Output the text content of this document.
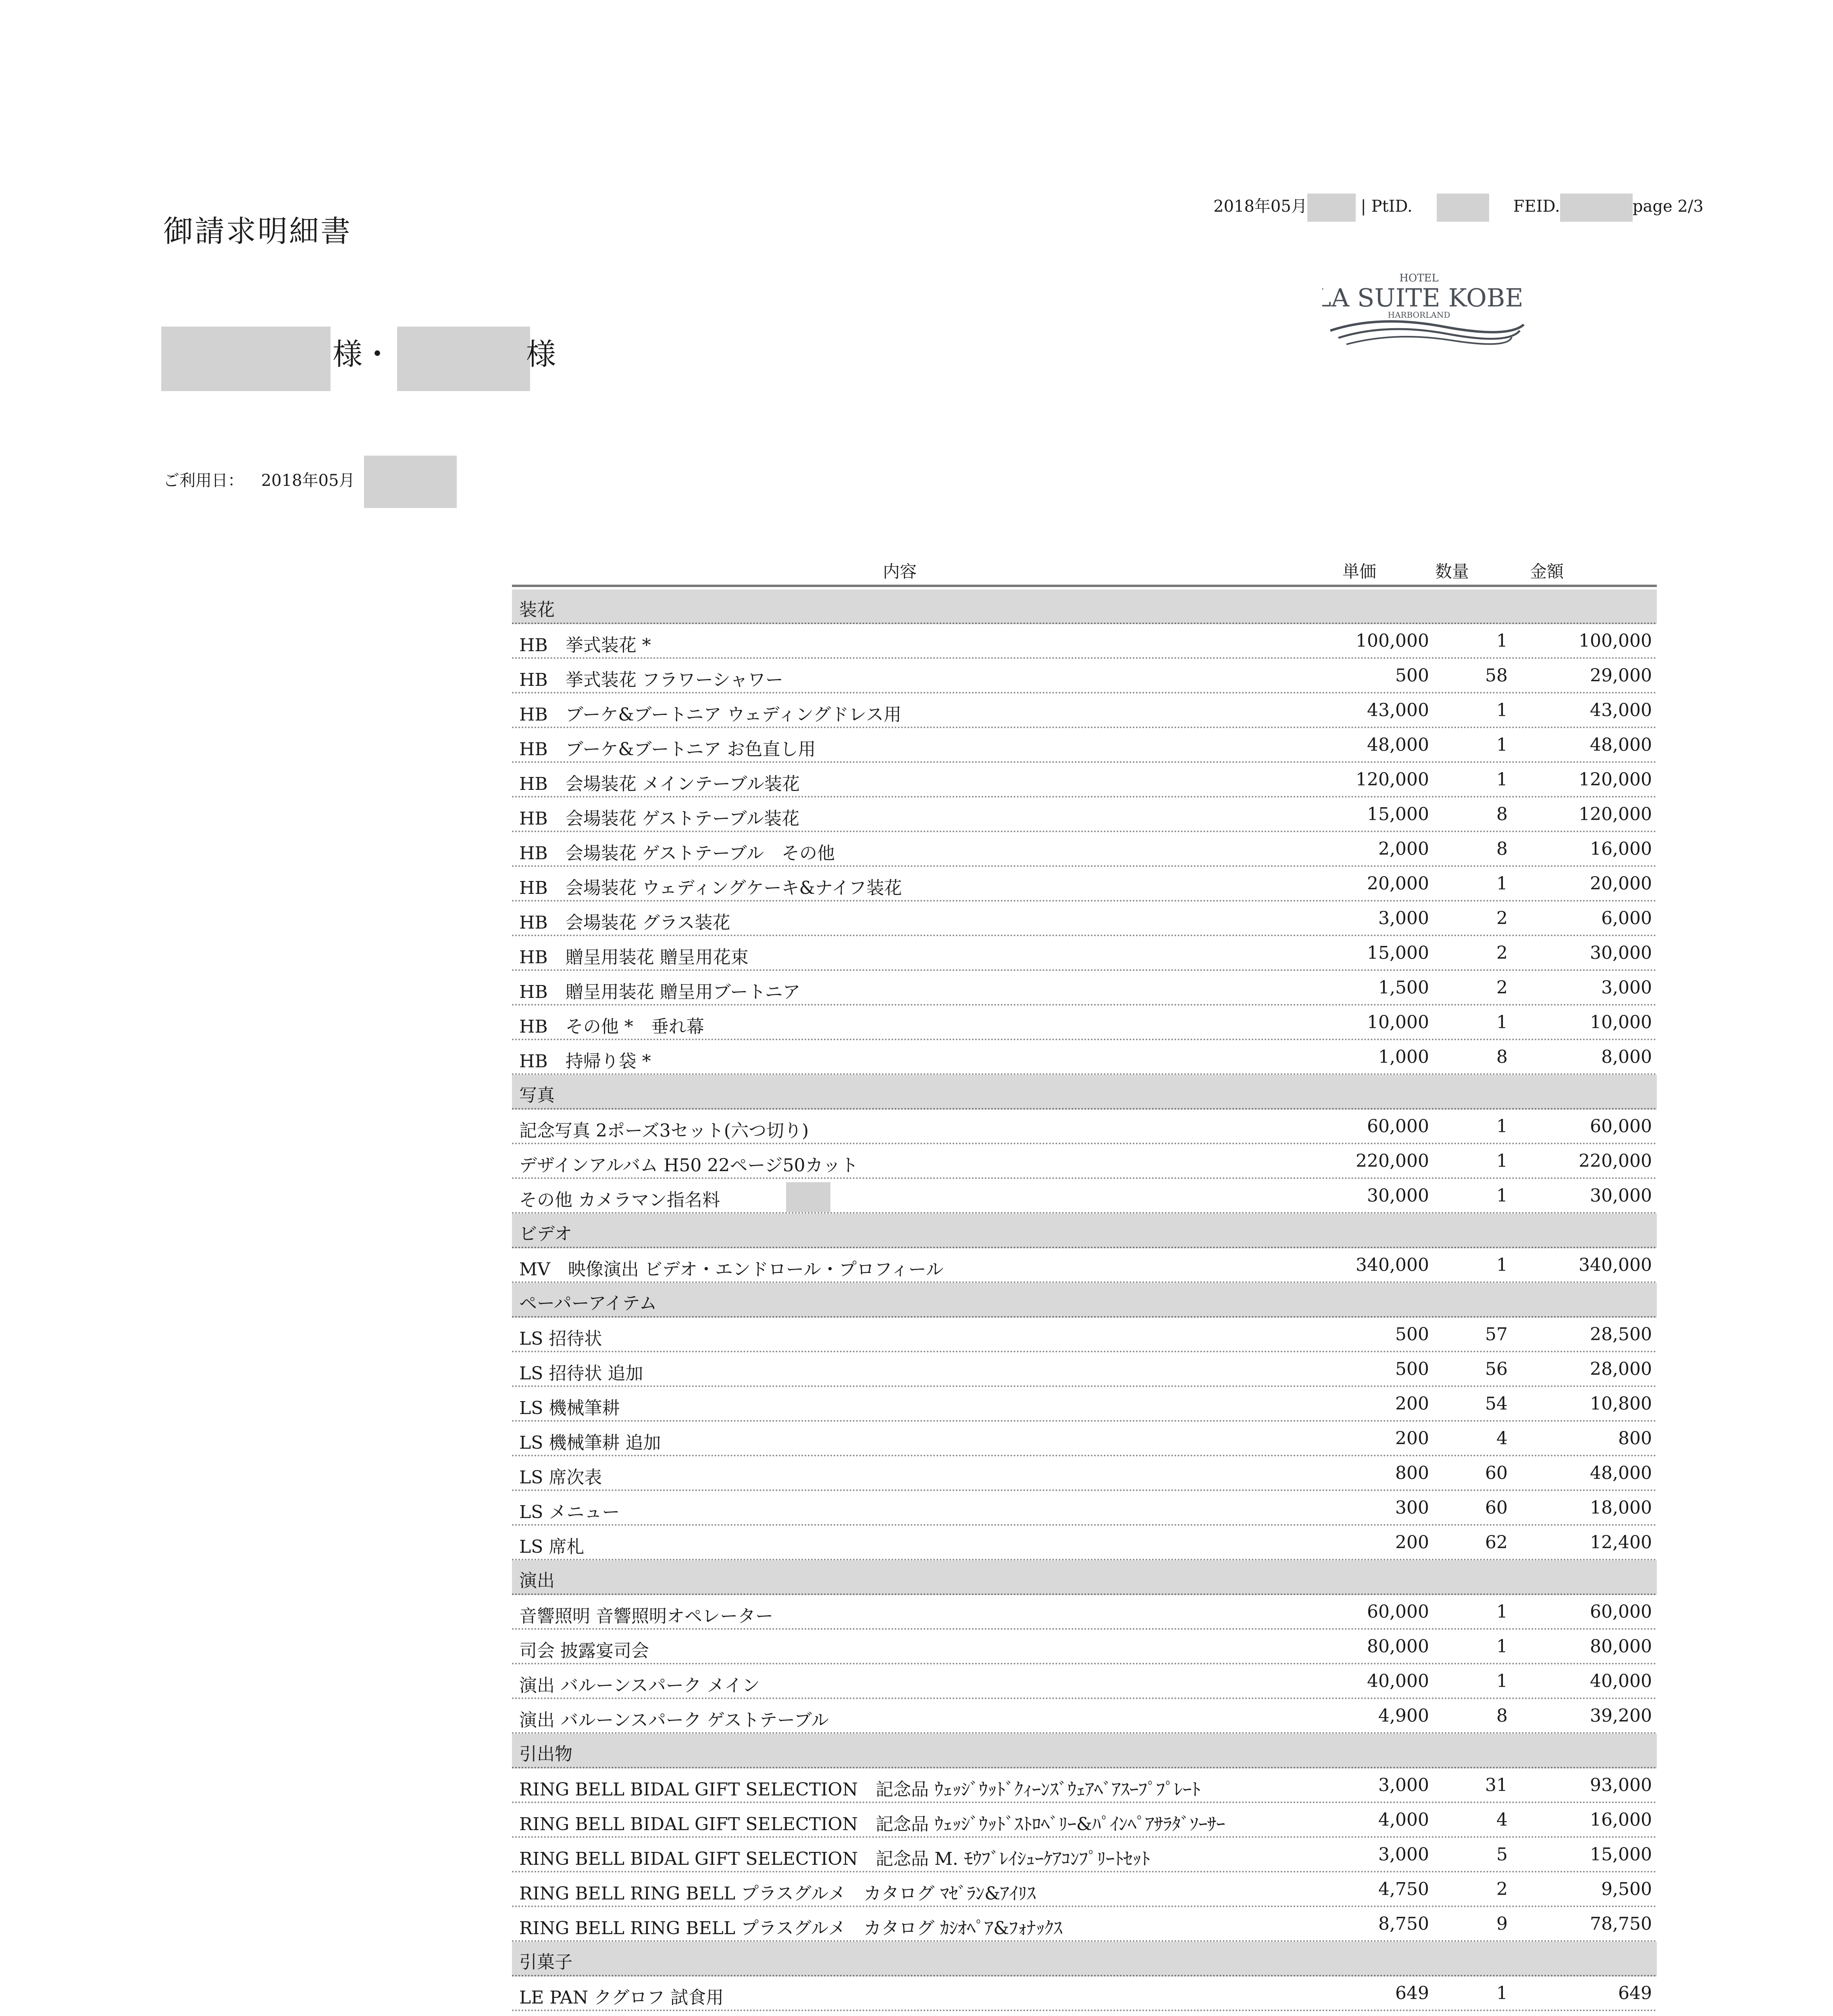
御請求明細書
2018年05月	| PtID.	FEID.	page 2/3
HOTEL
LA SUITE KOBE
HARBORLAND
様・	様
ご利用日： 2018年05月
内容	単価	数量	金額
装花
HB　挙式装花 *	100,000	1	100,000
HB　挙式装花 フラワーシャワー	500	58	29,000
HB　ブーケ&ブートニア ウェディングドレス用	43,000	1	43,000
HB　ブーケ&ブートニア お色直し用	48,000	1	48,000
HB　会場装花 メインテーブル装花	120,000	1	120,000
HB　会場装花 ゲストテーブル装花	15,000	8	120,000
HB　会場装花 ゲストテーブル　その他	2,000	8	16,000
HB　会場装花 ウェディングケーキ&ナイフ装花	20,000	1	20,000
HB　会場装花 グラス装花	3,000	2	6,000
HB　贈呈用装花 贈呈用花束	15,000	2	30,000
HB　贈呈用装花 贈呈用ブートニア	1,500	2	3,000
HB　その他 *　垂れ幕	10,000	1	10,000
HB　持帰り袋 *	1,000	8	8,000
写真
記念写真 2ポーズ3セット(六つ切り)	60,000	1	60,000
デザインアルバム H50 22ページ50カット	220,000	1	220,000
その他 カメラマン指名料	30,000	1	30,000
ビデオ
MV　映像演出 ビデオ・エンドロール・プロフィール	340,000	1	340,000
ペーパーアイテム
LS 招待状	500	57	28,500
LS 招待状 追加	500	56	28,000
LS 機械筆耕	200	54	10,800
LS 機械筆耕 追加	200	4	800
LS 席次表	800	60	48,000
LS メニュー	300	60	18,000
LS 席札	200	62	12,400
演出
音響照明 音響照明オペレーター	60,000	1	60,000
司会 披露宴司会	80,000	1	80,000
演出 バルーンスパーク メイン	40,000	1	40,000
演出 バルーンスパーク ゲストテーブル	4,900	8	39,200
引出物
RING BELL BIDAL GIFT SELECTION　記念品 ｳｪｯｼﾞｳｯﾄﾞｸｨｰﾝｽﾞｳｪｱﾍﾞｱｽｰﾌﾟﾌﾟﾚｰﾄ	3,000	31	93,000
RING BELL BIDAL GIFT SELECTION　記念品 ｳｪｯｼﾞｳｯﾄﾞｽﾄﾛﾍﾞﾘｰ&ﾊﾟｲﾝﾍﾟｱｻﾗﾀﾞｿｰｻｰ	4,000	4	16,000
RING BELL BIDAL GIFT SELECTION　記念品 M. ﾓｳﾌﾞﾚｲｼｭｰｹｱｺﾝﾌﾟﾘｰﾄｾｯﾄ	3,000	5	15,000
RING BELL RING BELL プラスグルメ　カタログ ﾏｾﾞﾗﾝ&ｱｲﾘｽ	4,750	2	9,500
RING BELL RING BELL プラスグルメ　カタログ ｶｼｵﾍﾟｱ&ﾌｫﾅｯｸｽ	8,750	9	78,750
引菓子
LE PAN クグロフ 試食用	649	1	649
